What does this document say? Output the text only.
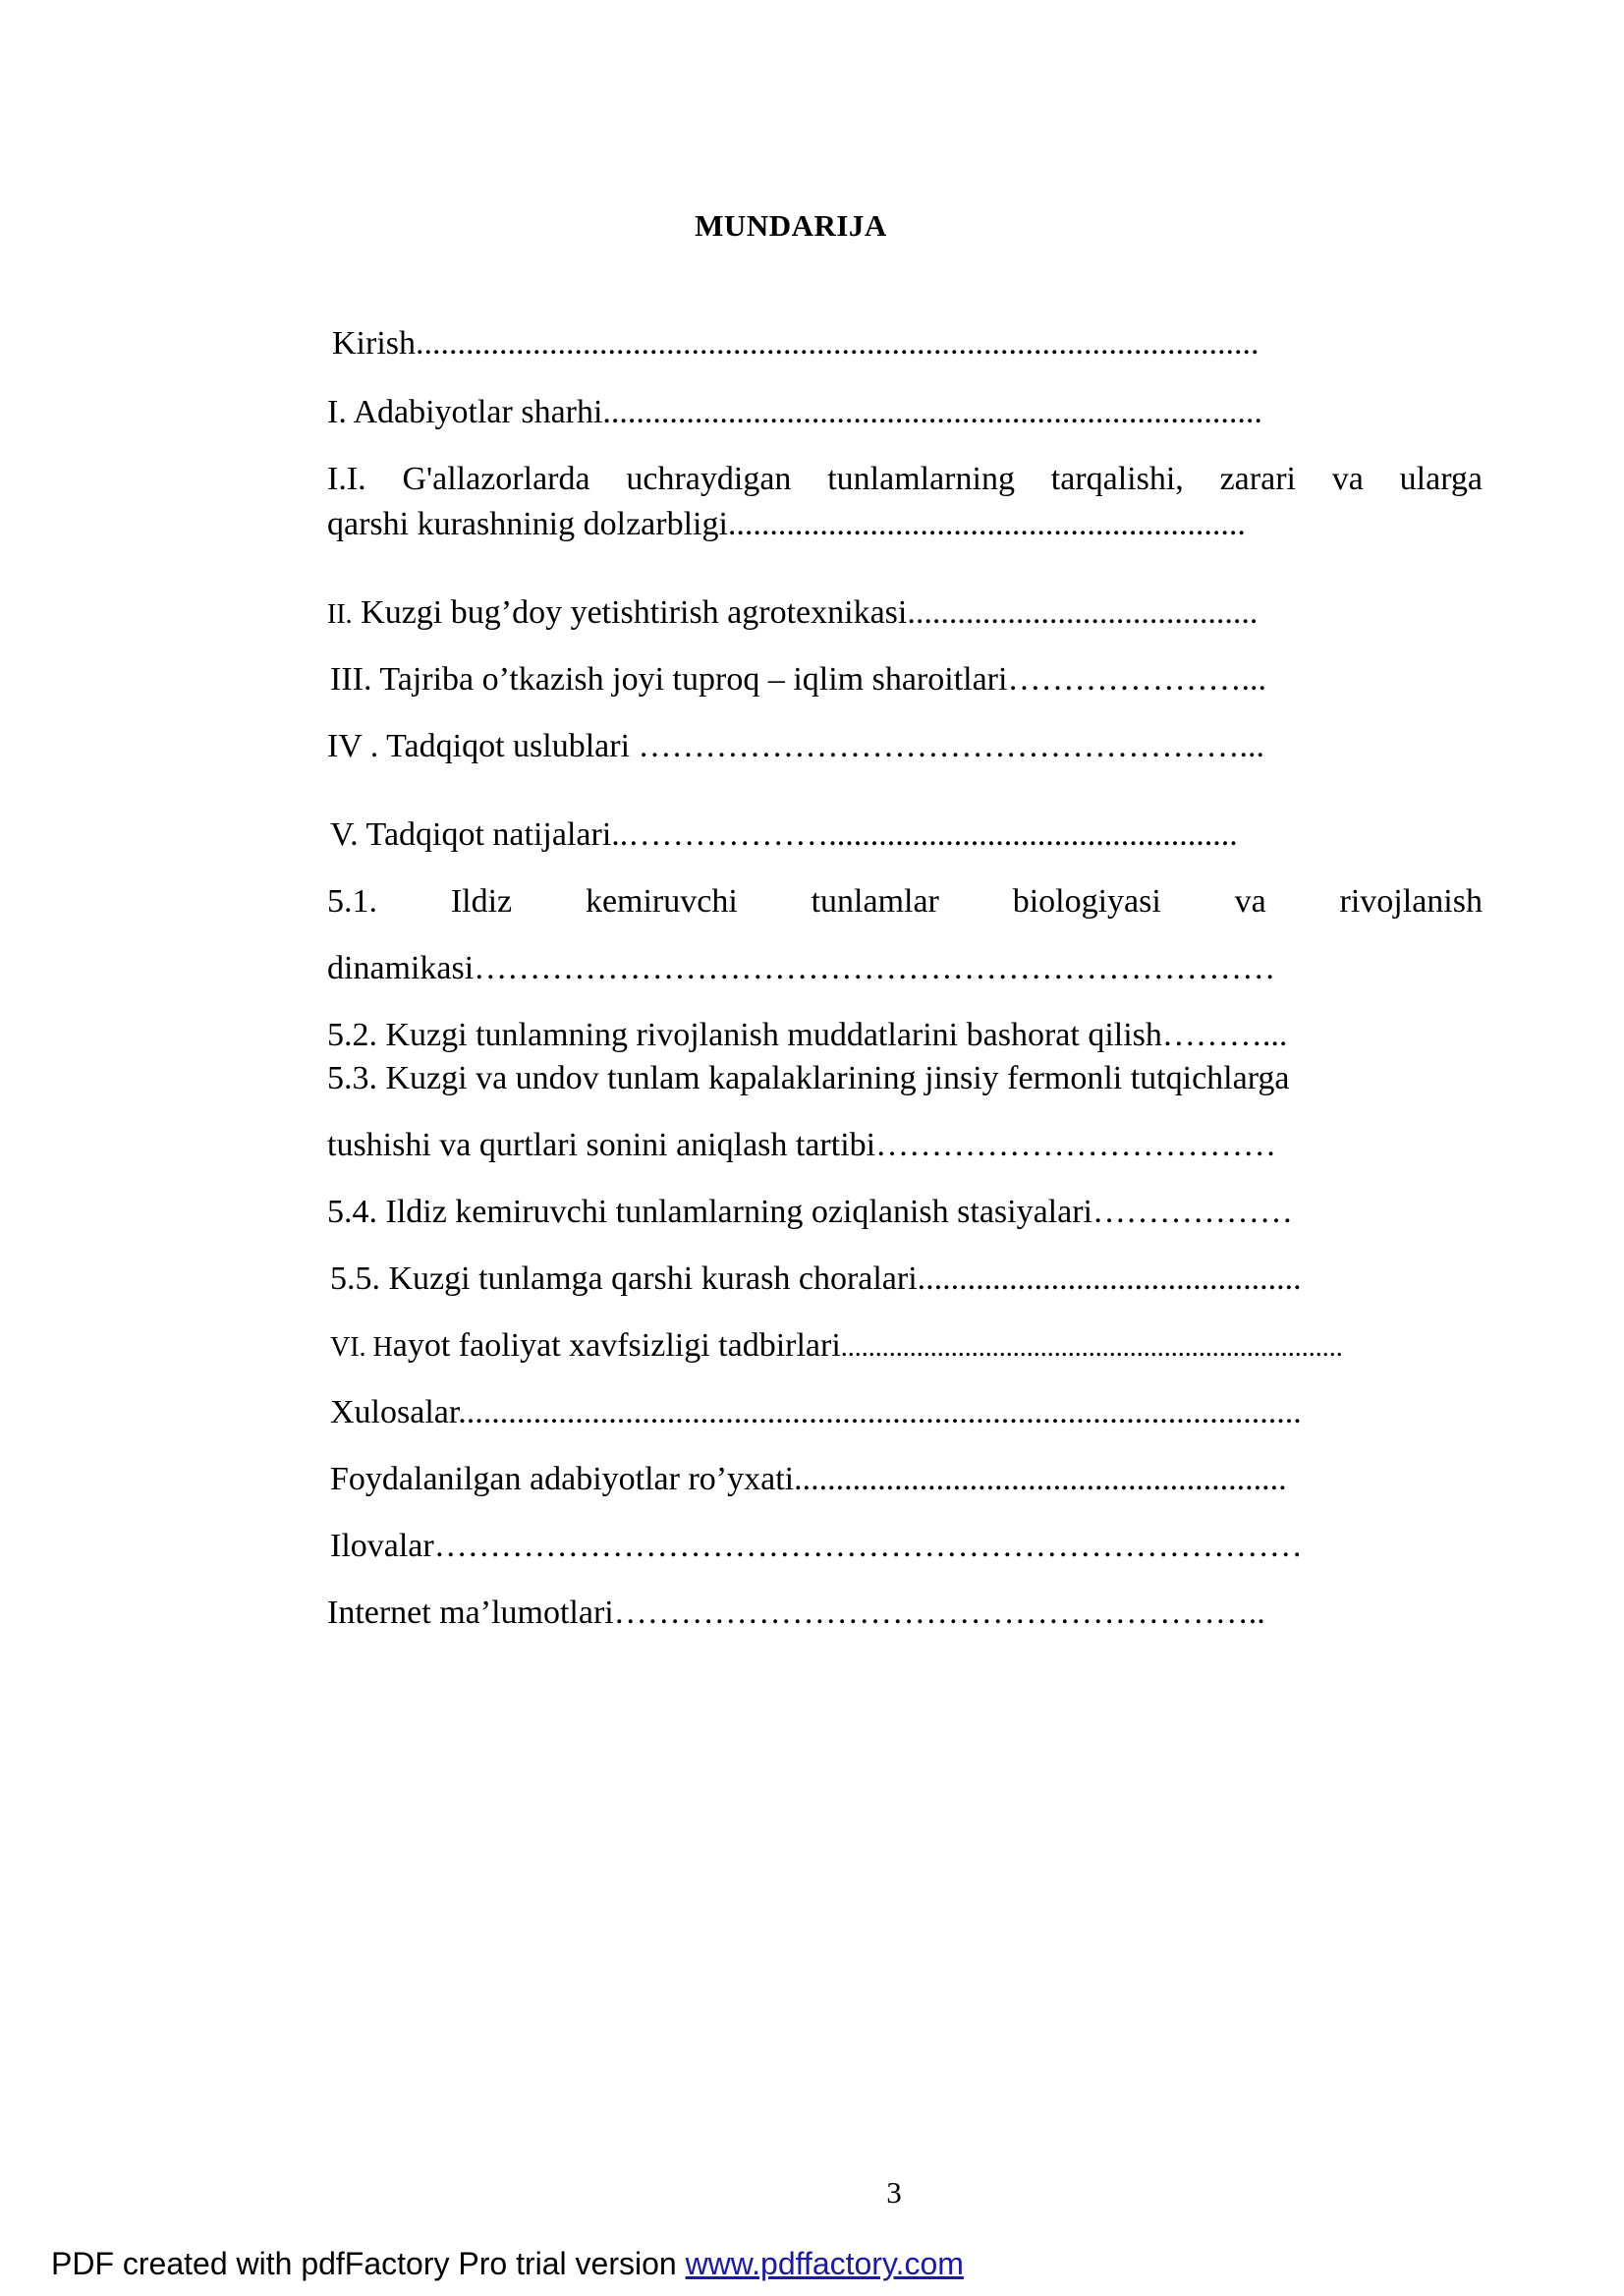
MUNDARIJA
Kirish.....................................................................................................
I. Adabiyotlar sharhi...............................................................................
I.I. G'allazorlarda uchraydigan tunlamlarning tarqalishi, zarari va ularga
qarshi kurashninig dolzarbligi..............................................................
II. Kuzgi bug’doy yetishtirish agrotexnikasi..........................................
III. Tajriba o’tkazish joyi tuproq – iqlim sharoitlari…………………...
IV . Tadqiqot uslublari ………………………………………………...
V. Tadqiqot natijalari..……………….................................................
5.1. Ildiz kemiruvchi tunlamlar biologiyasi va rivojlanish
dinamikasi………………………………………………………………
5.2. Kuzgi tunlamning rivojlanish muddatlarini bashorat qilish………...
5.3. Kuzgi va undov tunlam kapalaklarining jinsiy fermonli tutqichlarga
tushishi va qurtlari sonini aniqlash tartibi………………………………
5.4. Ildiz kemiruvchi tunlamlarning oziqlanish stasiyalari………………
5.5. Kuzgi tunlamga qarshi kurash choralari..............................................
VI. Hayot faoliyat xavfsizligi tadbirlari.........................................................................
Xulosalar.....................................................................................................
Foydalanilgan adabiyotlar ro’yxati...........................................................
Ilovalar……………………………………………………………………
Internet ma’lumotlari…………………………………………………..
3
PDF created with pdfFactory Pro trial version www.pdffactory.com
